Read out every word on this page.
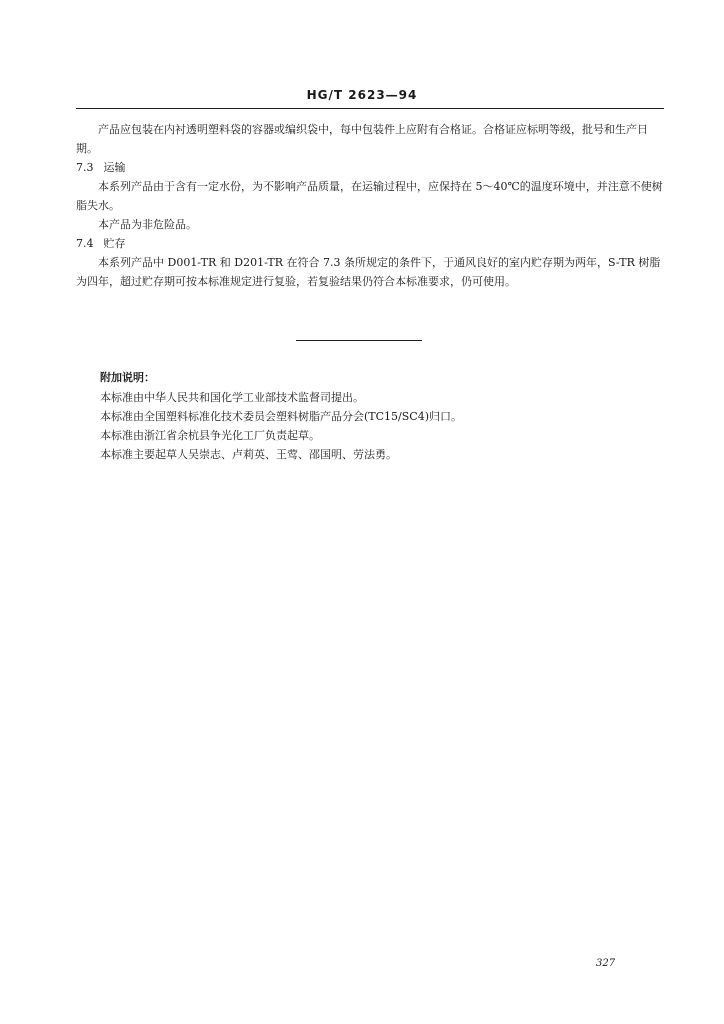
HG/T 2623—94

产品应包装在内衬透明塑料袋的容器或编织袋中，每中包装件上应附有合格证。合格证应标明等级，批号和生产日期。

7.3 运输

本系列产品由于含有一定水份，为不影响产品质量，在运输过程中，应保持在 5～40℃的温度环境中，并注意不使树脂失水。

本产品为非危险品。

7.4 贮存

本系列产品中 D001-TR 和 D201-TR 在符合 7.3 条所规定的条件下，于通风良好的室内贮存期为两年，S-TR 树脂为四年，超过贮存期可按本标准规定进行复验，若复验结果仍符合本标准要求，仍可使用。

附加说明：

本标准由中华人民共和国化学工业部技术监督司提出。

本标准由全国塑料标准化技术委员会塑料树脂产品分会(TC15/SC4)归口。

本标准由浙江省余杭县争光化工厂负责起草。

本标准主要起草人吴崇志、卢莉英、王莺、邵国明、劳法勇。

327
